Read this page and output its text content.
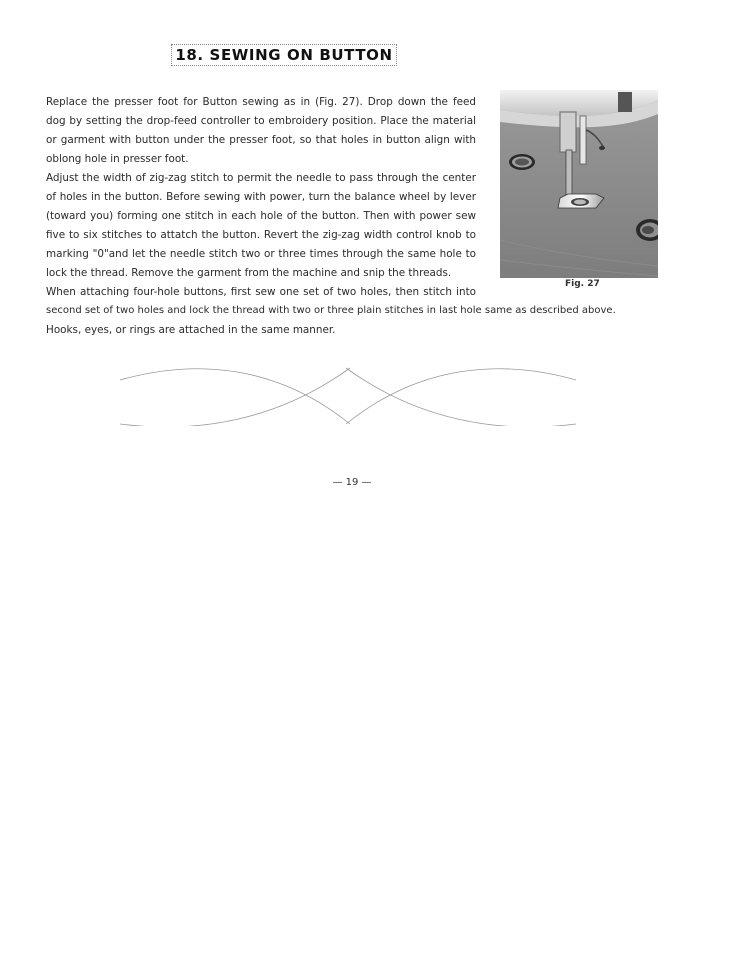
18. SEWING ON BUTTON
Replace the presser foot for Button sewing as in (Fig. 27). Drop down the feed
dog by setting the drop-feed controller to embroidery position. Place the material
or garment with button under the presser foot, so that holes in button align with
oblong hole in presser foot.
Adjust the width of zig-zag stitch to permit the needle to pass through the center
of holes in the button. Before sewing with power, turn the balance wheel by lever
(toward you) forming one stitch in each hole of the button. Then with power sew
five to six stitches to attatch the button. Revert the zig-zag width control knob to
marking "0"and let the needle stitch two or three times through the same hole to
lock the thread. Remove the garment from the machine and snip the threads.
When attaching four-hole buttons, first sew one set of two holes, then stitch into
second set of two holes and lock the thread with two or three plain stitches in last hole same as described above.
Hooks, eyes, or rings are attached in the same manner.
Fig. 27
— 19 —
